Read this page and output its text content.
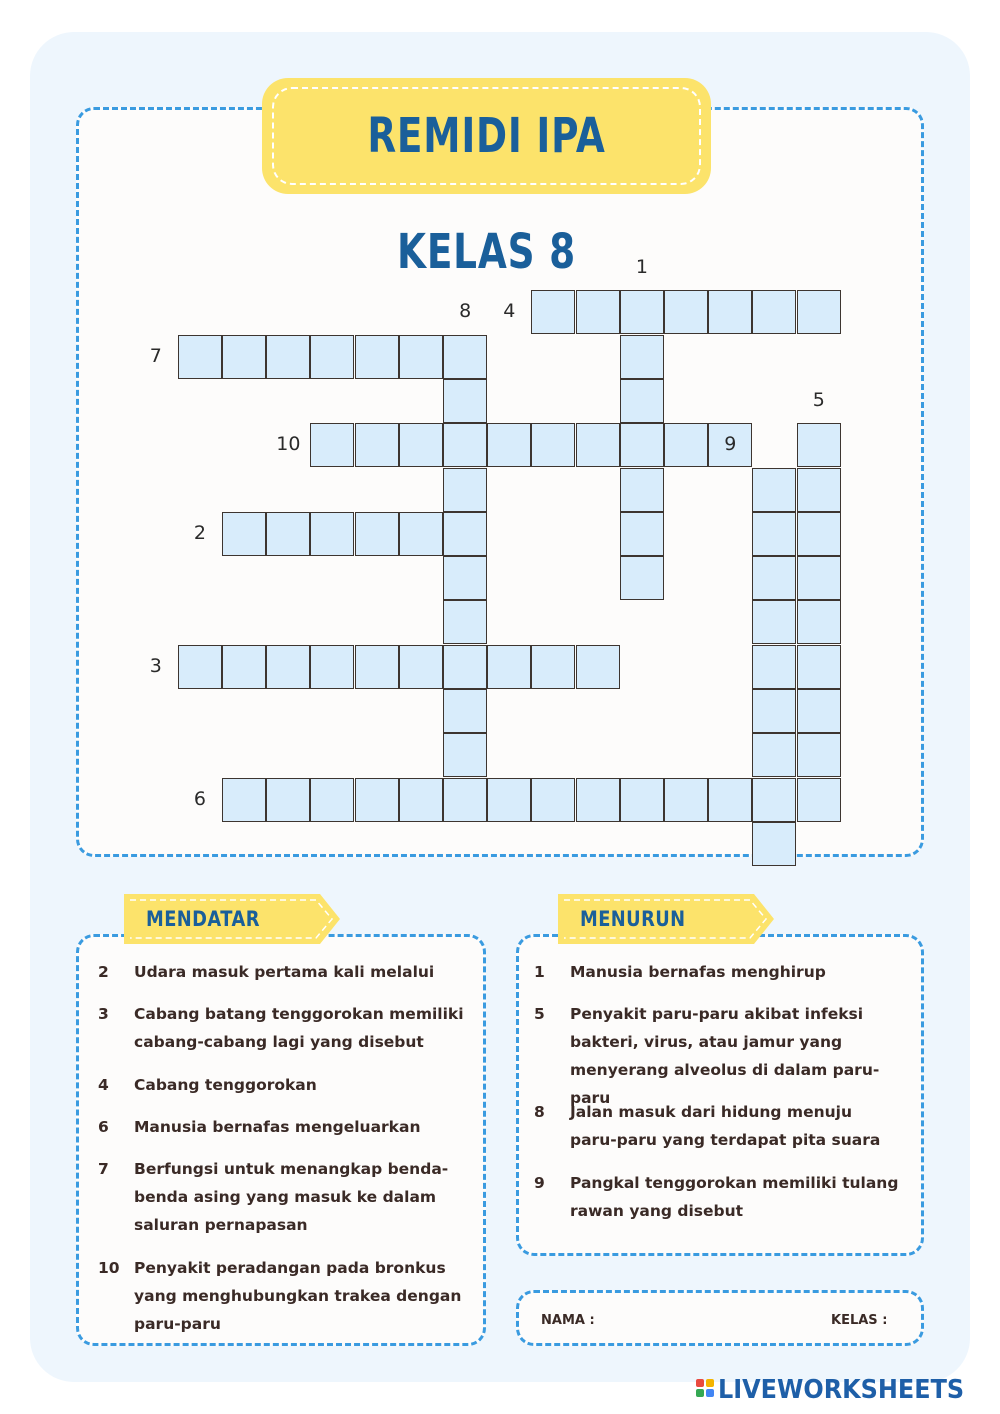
REMIDI IPA KELAS 8	1
4
8
7
5
10	9
2
3
6
MENDATAR
2	Udara masuk pertama kali melalui
3	Cabang batang tenggorokan memiliki cabang-cabang lagi yang disebut
4	Cabang tenggorokan
6	Manusia bernafas mengeluarkan
7	Berfungsi untuk menangkap benda-benda asing yang masuk ke dalam saluran pernapasan
10 Penyakit peradangan pada bronkus yang menghubungkan trakea dengan paru-paru
MENURUN
1	Manusia bernafas menghirup
5	Penyakit paru-paru akibat infeksi bakteri, virus, atau jamur yang menyerang alveolus di dalam paru-paru
8	Jalan masuk dari hidung menuju paru-paru yang terdapat pita suara
9	Pangkal tenggorokan memiliki tulang rawan yang disebut
NAMA :	KELAS :
LIVEWORKSHEETS
